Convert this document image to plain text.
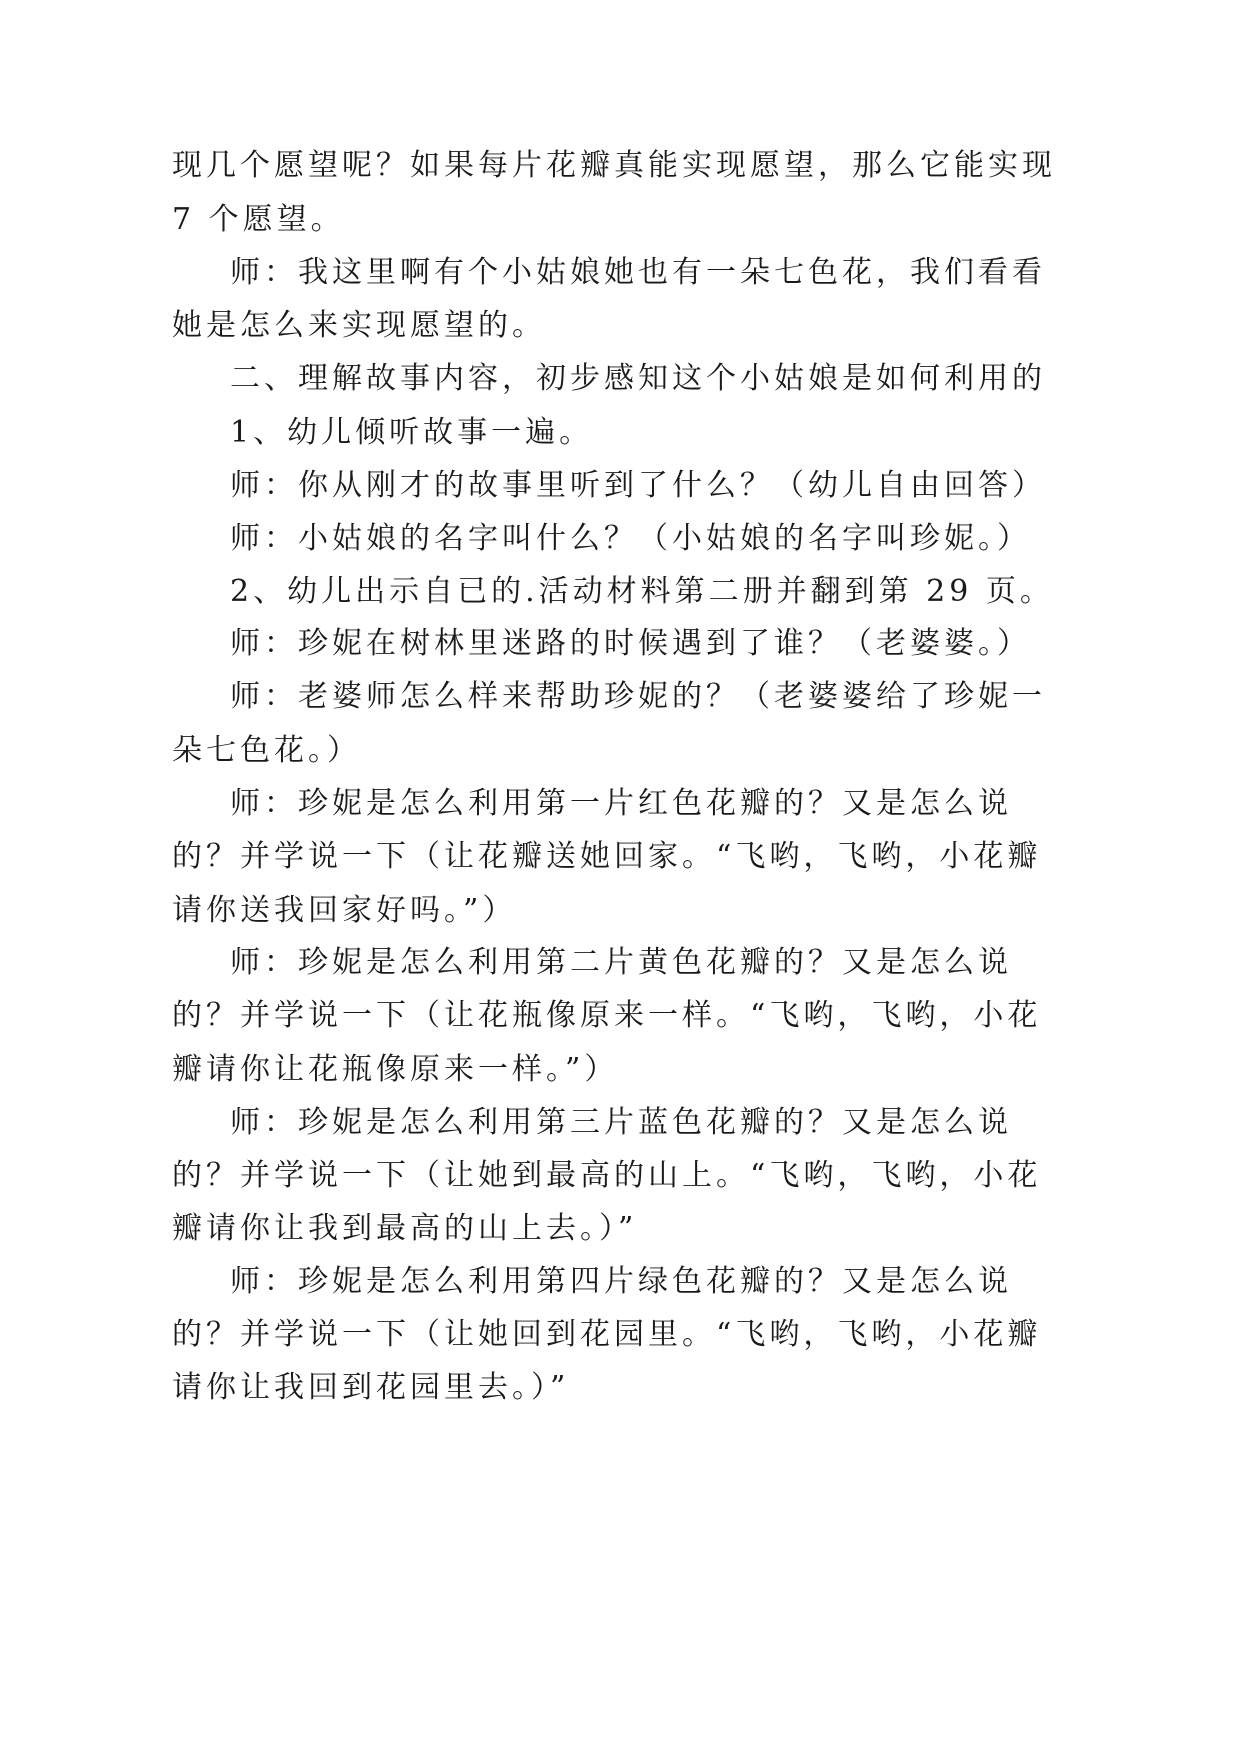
现几个愿望呢？如果每片花瓣真能实现愿望，那么它能实现

7 个愿望。

师：我这里啊有个小姑娘她也有一朵七色花，我们看看

她是怎么来实现愿望的。

二、理解故事内容，初步感知这个小姑娘是如何利用的

1、幼儿倾听故事一遍。

师：你从刚才的故事里听到了什么？（幼儿自由回答）

师：小姑娘的名字叫什么？（小姑娘的名字叫珍妮。）

2、幼儿出示自已的.活动材料第二册并翻到第 29 页。

师：珍妮在树林里迷路的时候遇到了谁？（老婆婆。）

师：老婆师怎么样来帮助珍妮的？（老婆婆给了珍妮一

朵七色花。）

师：珍妮是怎么利用第一片红色花瓣的？又是怎么说

的？并学说一下（让花瓣送她回家。“飞哟，飞哟，小花瓣

请你送我回家好吗。”）

师：珍妮是怎么利用第二片黄色花瓣的？又是怎么说

的？并学说一下（让花瓶像原来一样。“飞哟，飞哟，小花

瓣请你让花瓶像原来一样。”）

师：珍妮是怎么利用第三片蓝色花瓣的？又是怎么说

的？并学说一下（让她到最高的山上。“飞哟，飞哟，小花

瓣请你让我到最高的山上去。）”

师：珍妮是怎么利用第四片绿色花瓣的？又是怎么说

的？并学说一下（让她回到花园里。“飞哟，飞哟，小花瓣

请你让我回到花园里去。）”
